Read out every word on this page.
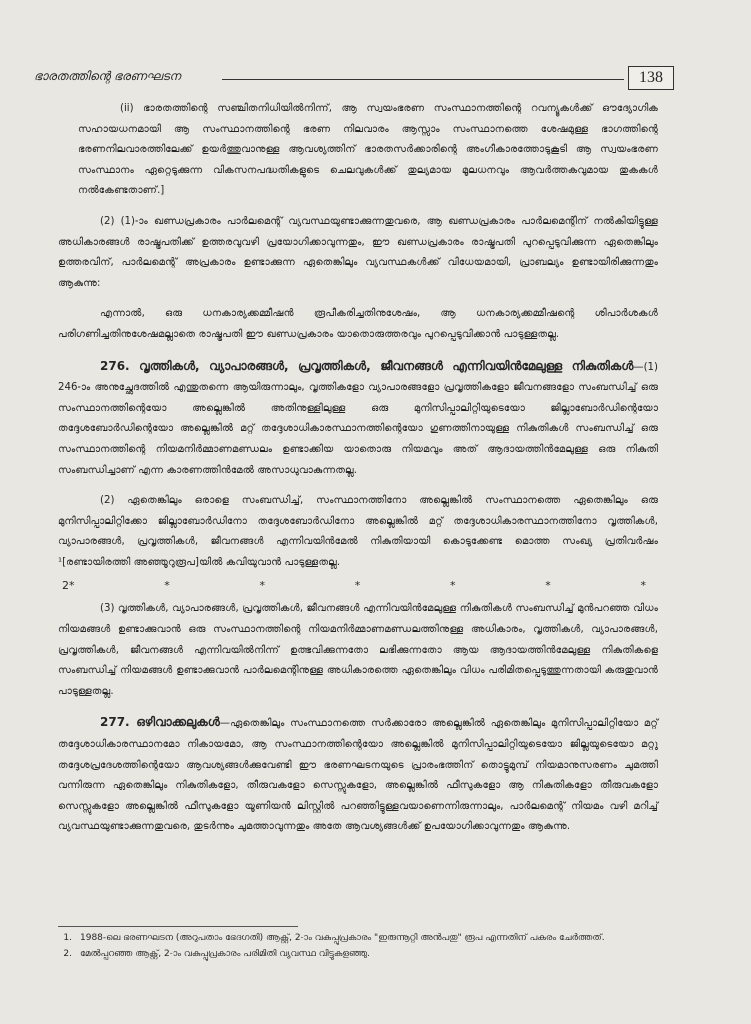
ഭാരതത്തിന്റെ ഭരണഘടന	138

(ii) ഭാരതത്തിന്റെ സഞ്ചിതനിധിയിൽനിന്ന്, ആ സ്വയംഭരണ സംസ്ഥാനത്തിന്റെ റവന്യൂകൾക്ക് ഔദ്യോഗിക സഹായധനമായി ആ സംസ്ഥാനത്തിന്റെ ഭരണ നിലവാരം ആസ്സാം സംസ്ഥാനത്തെ ശേഷമുള്ള ഭാഗത്തിന്റെ ഭരണനിലവാരത്തിലേക്ക് ഉയർത്തുവാനുള്ള ആവശ്യത്തിന് ഭാരതസർക്കാരിന്റെ അംഗീകാരത്തോടുകൂടി ആ സ്വയംഭരണ സംസ്ഥാനം ഏറ്റെടുക്കുന്ന വികസനപദ്ധതികളുടെ ചെലവുകൾക്ക് തുല്യമായ മൂലധനവും ആവർത്തകവുമായ തുകകൾ നൽകേണ്ടതാണ്.]

(2) (1)-ാം ഖണ്ഡപ്രകാരം പാർലമെന്റ് വ്യവസ്ഥയുണ്ടാക്കുന്നതുവരെ, ആ ഖണ്ഡപ്രകാരം പാർലമെന്റിന് നൽകിയിട്ടുള്ള അധികാരങ്ങൾ രാഷ്ട്രപതിക്ക് ഉത്തരവുവഴി പ്രയോഗിക്കാവുന്നതും, ഈ ഖണ്ഡപ്രകാരം രാഷ്ട്രപതി പുറപ്പെടുവിക്കുന്ന ഏതെങ്കിലും ഉത്തരവിന്, പാർലമെന്റ് അപ്രകാരം ഉണ്ടാക്കുന്ന ഏതെങ്കിലും വ്യവസ്ഥകൾക്ക് വിധേയമായി, പ്രാബല്യം ഉണ്ടായിരിക്കുന്നതും ആകുന്നു:

എന്നാൽ, ഒരു ധനകാര്യക്കമ്മീഷൻ രൂപീകരിച്ചതിനുശേഷം, ആ ധനകാര്യക്കമ്മീഷന്റെ ശിപാർശകൾ പരിഗണിച്ചതിനുശേഷമല്ലാതെ രാഷ്ട്രപതി ഈ ഖണ്ഡപ്രകാരം യാതൊരുത്തരവും പുറപ്പെടുവിക്കാൻ പാടുള്ളതല്ല.

276. വൃത്തികൾ, വ്യാപാരങ്ങൾ, പ്രവൃത്തികൾ, ജീവനങ്ങൾ എന്നിവയിൻമേലുള്ള നികുതികൾ—(1) 246-ാം അനുച്ഛേദത്തിൽ എന്തുതന്നെ ആയിരുന്നാലും, വൃത്തികളോ വ്യാപാരങ്ങളോ പ്രവൃത്തികളോ ജീവനങ്ങളോ സംബന്ധിച്ച് ഒരു സംസ്ഥാനത്തിന്റെയോ അല്ലെങ്കിൽ അതിനുള്ളിലുള്ള ഒരു മുനിസിപ്പാലിറ്റിയുടെയോ ജില്ലാബോർഡിന്റെയോ തദ്ദേശബോർഡിന്റെയോ അല്ലെങ്കിൽ മറ്റ് തദ്ദേശാധികാരസ്ഥാനത്തിന്റെയോ ഗുണത്തിനായുള്ള നികുതികൾ സംബന്ധിച്ച് ഒരു സംസ്ഥാനത്തിന്റെ നിയമനിർമ്മാണമണ്ഡലം ഉണ്ടാക്കിയ യാതൊരു നിയമവും അത് ആദായത്തിൻമേലുള്ള ഒരു നികുതി സംബന്ധിച്ചാണ് എന്ന കാരണത്തിൻമേൽ അസാധുവാകുന്നതല്ല.

(2) ഏതെങ്കിലും ഒരാളെ സംബന്ധിച്ച്, സംസ്ഥാനത്തിനോ അല്ലെങ്കിൽ സംസ്ഥാനത്തെ ഏതെങ്കിലും ഒരു മുനിസിപ്പാലിറ്റിക്കോ ജില്ലാബോർഡിനോ തദ്ദേശബോർഡിനോ അല്ലെങ്കിൽ മറ്റ് തദ്ദേശാധികാരസ്ഥാനത്തിനോ വൃത്തികൾ, വ്യാപാരങ്ങൾ, പ്രവൃത്തികൾ, ജീവനങ്ങൾ എന്നിവയിൻമേൽ നികുതിയായി കൊടുക്കേണ്ട മൊത്ത സംഖ്യ പ്രതിവർഷം ¹[രണ്ടായിരത്തി അഞ്ഞൂറുരൂപ]യിൽ കവിയുവാൻ പാടുള്ളതല്ല.

2*	*	*	*	*	*	*

(3) വൃത്തികൾ, വ്യാപാരങ്ങൾ, പ്രവൃത്തികൾ, ജീവനങ്ങൾ എന്നിവയിൻമേലുള്ള നികുതികൾ സംബന്ധിച്ച് മുൻപറഞ്ഞ വിധം നിയമങ്ങൾ ഉണ്ടാക്കുവാൻ ഒരു സംസ്ഥാനത്തിന്റെ നിയമനിർമ്മാണമണ്ഡലത്തിനുള്ള അധികാരം, വൃത്തികൾ, വ്യാപാരങ്ങൾ, പ്രവൃത്തികൾ, ജീവനങ്ങൾ എന്നിവയിൽനിന്ന് ഉത്ഭവിക്കുന്നതോ ലഭിക്കുന്നതോ ആയ ആദായത്തിൻമേലുള്ള നികുതികളെ സംബന്ധിച്ച് നിയമങ്ങൾ ഉണ്ടാക്കുവാൻ പാർലമെന്റിനുള്ള അധികാരത്തെ ഏതെങ്കിലും വിധം പരിമിതപ്പെടുത്തുന്നതായി കരുതുവാൻ പാടുള്ളതല്ല.

277. ഒഴിവാക്കലുകൾ—ഏതെങ്കിലും സംസ്ഥാനത്തെ സർക്കാരോ അല്ലെങ്കിൽ ഏതെങ്കിലും മുനിസിപ്പാലിറ്റിയോ മറ്റ് തദ്ദേശാധികാരസ്ഥാനമോ നികായമോ, ആ സംസ്ഥാനത്തിന്റെയോ അല്ലെങ്കിൽ മുനിസിപ്പാലിറ്റിയുടെയോ ജില്ലയുടെയോ മറ്റു തദ്ദേശപ്രദേശത്തിന്റെയോ ആവശ്യങ്ങൾക്കുവേണ്ടി ഈ ഭരണഘടനയുടെ പ്രാരംഭത്തിന് തൊട്ടുമുമ്പ് നിയമാനുസരണം ചുമത്തി വന്നിരുന്ന ഏതെങ്കിലും നികുതികളോ, തീരുവകളോ സെസ്സുകളോ, അല്ലെങ്കിൽ ഫീസുകളോ ആ നികുതികളോ തീരുവകളോ സെസ്സുകളോ അല്ലെങ്കിൽ ഫീസുകളോ യൂണിയൻ ലിസ്റ്റിൽ പറഞ്ഞിട്ടുള്ളവയാണെന്നിരുന്നാലും, പാർലമെന്റ് നിയമം വഴി മറിച്ച് വ്യവസ്ഥയുണ്ടാക്കുന്നതുവരെ, തുടർന്നും ചുമത്താവുന്നതും അതേ ആവശ്യങ്ങൾക്ക് ഉപയോഗിക്കാവുന്നതും ആകുന്നു.

1. 1988-ലെ ഭരണഘടന (അറുപതാം ഭേദഗതി) ആക്റ്റ്, 2-ാം വകുപ്പുപ്രകാരം "ഇരുന്നൂറ്റി അൻപതു" രൂപ എന്നതിന് പകരം ചേർത്തത്.
2. മേൽപ്പറഞ്ഞ ആക്റ്റ്, 2-ാം വകുപ്പുപ്രകാരം പരിമിതി വ്യവസ്ഥ വിട്ടുകളഞ്ഞു.
